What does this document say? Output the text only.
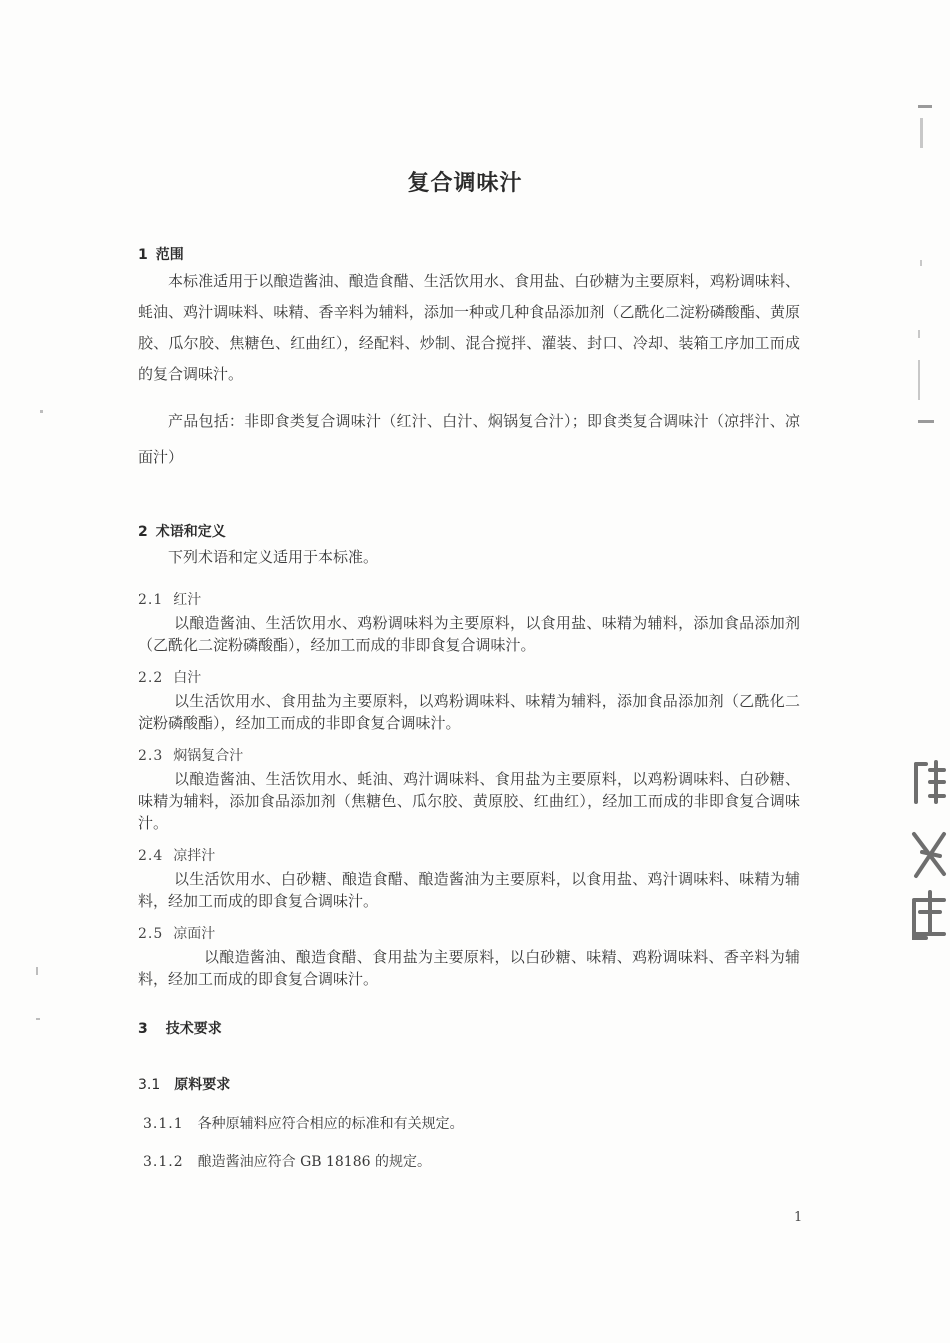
复合调味汁
1 范围

本标准适用于以酿造酱油、酿造食醋、生活饮用水、食用盐、白砂糖为主要原料，鸡粉调味料、蚝油、鸡汁调味料、味精、香辛料为辅料，添加一种或几种食品添加剂（乙酰化二淀粉磷酸酯、黄原胶、瓜尔胶、焦糖色、红曲红），经配料、炒制、混合搅拌、灌装、封口、冷却、装箱工序加工而成的复合调味汁。

产品包括：非即食类复合调味汁（红汁、白汁、焖锅复合汁）；即食类复合调味汁（凉拌汁、凉面汁）

2 术语和定义

下列术语和定义适用于本标准。

2.1 红汁

以酿造酱油、生活饮用水、鸡粉调味料为主要原料，以食用盐、味精为辅料，添加食品添加剂（乙酰化二淀粉磷酸酯），经加工而成的非即食复合调味汁。

2.2 白汁

以生活饮用水、食用盐为主要原料，以鸡粉调味料、味精为辅料，添加食品添加剂（乙酰化二淀粉磷酸酯），经加工而成的非即食复合调味汁。

2.3 焖锅复合汁

以酿造酱油、生活饮用水、蚝油、鸡汁调味料、食用盐为主要原料，以鸡粉调味料、白砂糖、味精为辅料，添加食品添加剂（焦糖色、瓜尔胶、黄原胶、红曲红），经加工而成的非即食复合调味汁。

2.4 凉拌汁

以生活饮用水、白砂糖、酿造食醋、酿造酱油为主要原料，以食用盐、鸡汁调味料、味精为辅料，经加工而成的即食复合调味汁。

2.5 凉面汁

以酿造酱油、酿造食醋、食用盐为主要原料，以白砂糖、味精、鸡粉调味料、香辛料为辅料，经加工而成的即食复合调味汁。

3 技术要求
3.1 原料要求
3.1.1 各种原辅料应符合相应的标准和有关规定。
3.1.2 酿造酱油应符合 GB 18186 的规定。
1
